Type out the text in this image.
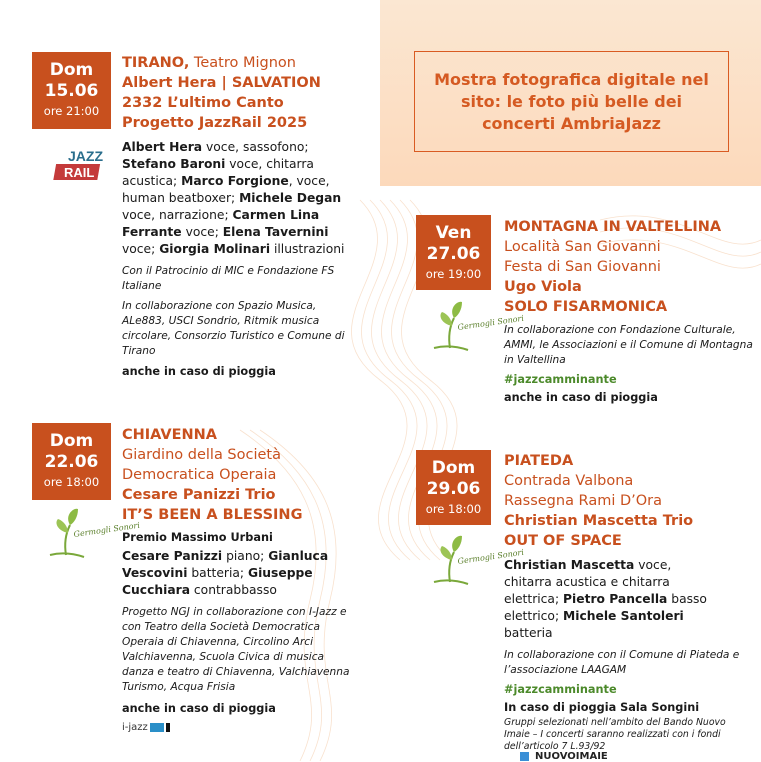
Dom
15.06
ore 21:00
JAZZ
RAIL
TIRANO, Teatro Mignon
Albert Hera | SALVATION
2332 L’ultimo Canto
Progetto JazzRail 2025
Albert Hera voce, sassofono;
Stefano Baroni voce, chitarra
acustica; Marco Forgione, voce,
human beatboxer; Michele Degan
voce, narrazione; Carmen Lina
Ferrante voce; Elena Tavernini
voce; Giorgia Molinari illustrazioni
Con il Patrocinio di MIC e Fondazione FS Italiane
In collaborazione con Spazio Musica, ALe883, USCI Sondrio, Ritmik musica circolare, Consorzio Turistico e Comune di Tirano
anche in caso di pioggia
Mostra fotografica digitale nel sito: le foto più belle dei concerti AmbriaJazz
Ven
27.06
ore 19:00
Germogli Sonori
MONTAGNA IN VALTELLINA
Località San Giovanni
Festa di San Giovanni
Ugo Viola
SOLO FISARMONICA
In collaborazione con Fondazione Culturale, AMMI, le Associazioni e il Comune di Montagna in Valtellina
#jazzcamminante
anche in caso di pioggia
Dom
22.06
ore 18:00
Germogli Sonori
CHIAVENNA
Giardino della Società
Democratica Operaia
Cesare Panizzi Trio
IT’S BEEN A BLESSING
Premio Massimo Urbani
Cesare Panizzi piano; Gianluca
Vescovini batteria; Giuseppe
Cucchiara contrabbasso
Progetto NGJ in collaborazione con I-Jazz e con Teatro della Società Democratica Operaia di Chiavenna, Circolino Arci Valchiavenna, Scuola Civica di musica danza e teatro di Chiavenna, Valchiavenna Turismo, Acqua Frisia
anche in caso di pioggia
i-jazz
Dom
29.06
ore 18:00
Germogli Sonori
PIATEDA
Contrada Valbona
Rassegna Rami D’Ora
Christian Mascetta Trio
OUT OF SPACE
Christian Mascetta voce,
chitarra acustica e chitarra
elettrica; Pietro Pancella basso
elettrico; Michele Santoleri
batteria
In collaborazione con il Comune di Piateda e l’associazione LAAGAM
#jazzcamminante
In caso di pioggia Sala Songini
Gruppi selezionati nell’ambito del Bando Nuovo Imaie – I concerti saranno realizzati con i fondi dell’articolo 7 L.93/92
NUOVOIMAIE
